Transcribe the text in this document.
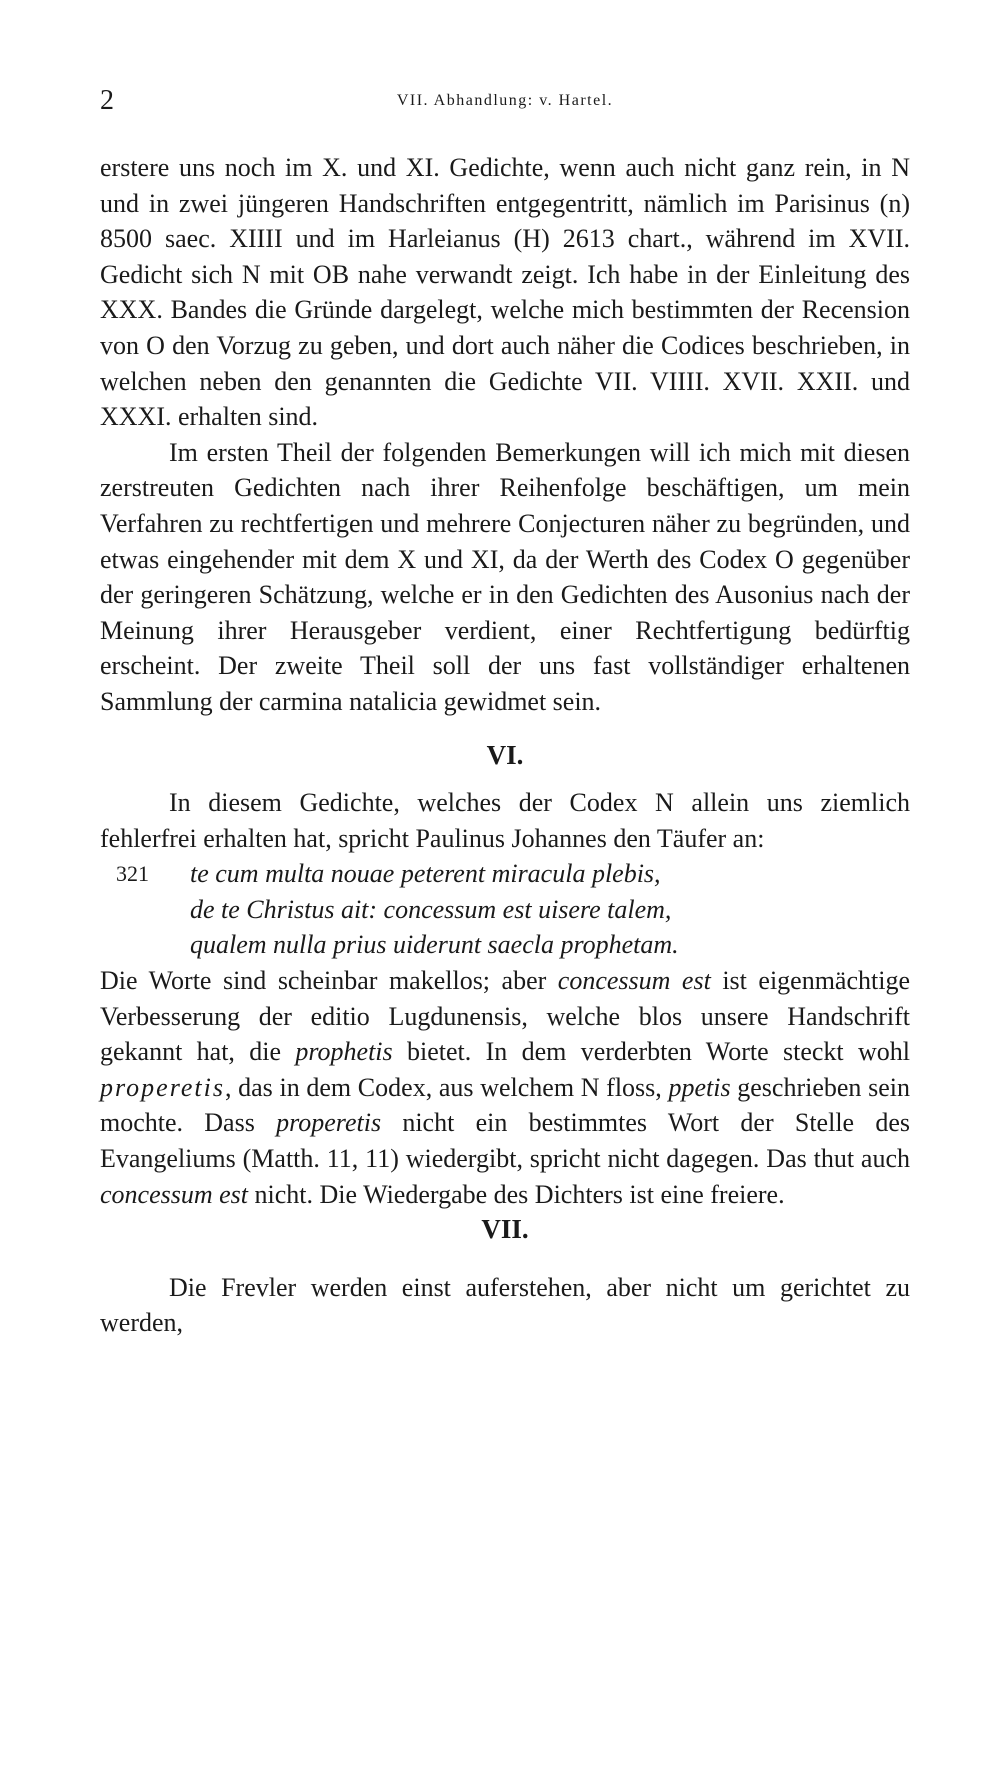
2	VII. Abhandlung: v. Hartel.

erstere uns noch im X. und XI. Gedichte, wenn auch nicht ganz rein, in N und in zwei jüngeren Handschriften entgegentritt, nämlich im Parisinus (n) 8500 saec. XIIII und im Harleianus (H) 2613 chart., während im XVII. Gedicht sich N mit OB nahe verwandt zeigt. Ich habe in der Einleitung des XXX. Bandes die Gründe dargelegt, welche mich bestimmten der Recension von O den Vorzug zu geben, und dort auch näher die Codices beschrieben, in welchen neben den genannten die Gedichte VII. VIIII. XVII. XXII. und XXXI. erhalten sind.

Im ersten Theil der folgenden Bemerkungen will ich mich mit diesen zerstreuten Gedichten nach ihrer Reihenfolge beschäftigen, um mein Verfahren zu rechtfertigen und mehrere Conjecturen näher zu begründen, und etwas eingehender mit dem X und XI, da der Werth des Codex O gegenüber der geringeren Schätzung, welche er in den Gedichten des Ausonius nach der Meinung ihrer Herausgeber verdient, einer Rechtfertigung bedürftig erscheint. Der zweite Theil soll der uns fast vollständiger erhaltenen Sammlung der carmina natalicia gewidmet sein.

VI.

In diesem Gedichte, welches der Codex N allein uns ziemlich fehlerfrei erhalten hat, spricht Paulinus Johannes den Täufer an:

321	te cum multa nouae peterent miracula plebis,
de te Christus ait: concessum est uisere talem,
qualem nulla prius uiderunt saecla prophetam.

Die Worte sind scheinbar makellos; aber concessum est ist eigenmächtige Verbesserung der editio Lugdunensis, welche blos unsere Handschrift gekannt hat, die prophetis bietet. In dem verderbten Worte steckt wohl properetis, das in dem Codex, aus welchem N floss, ppetis geschrieben sein mochte. Dass properetis nicht ein bestimmtes Wort der Stelle des Evangeliums (Matth. 11, 11) wiedergibt, spricht nicht dagegen. Das thut auch concessum est nicht. Die Wiedergabe des Dichters ist eine freiere.

VII.

Die Frevler werden einst auferstehen, aber nicht um gerichtet zu werden,
